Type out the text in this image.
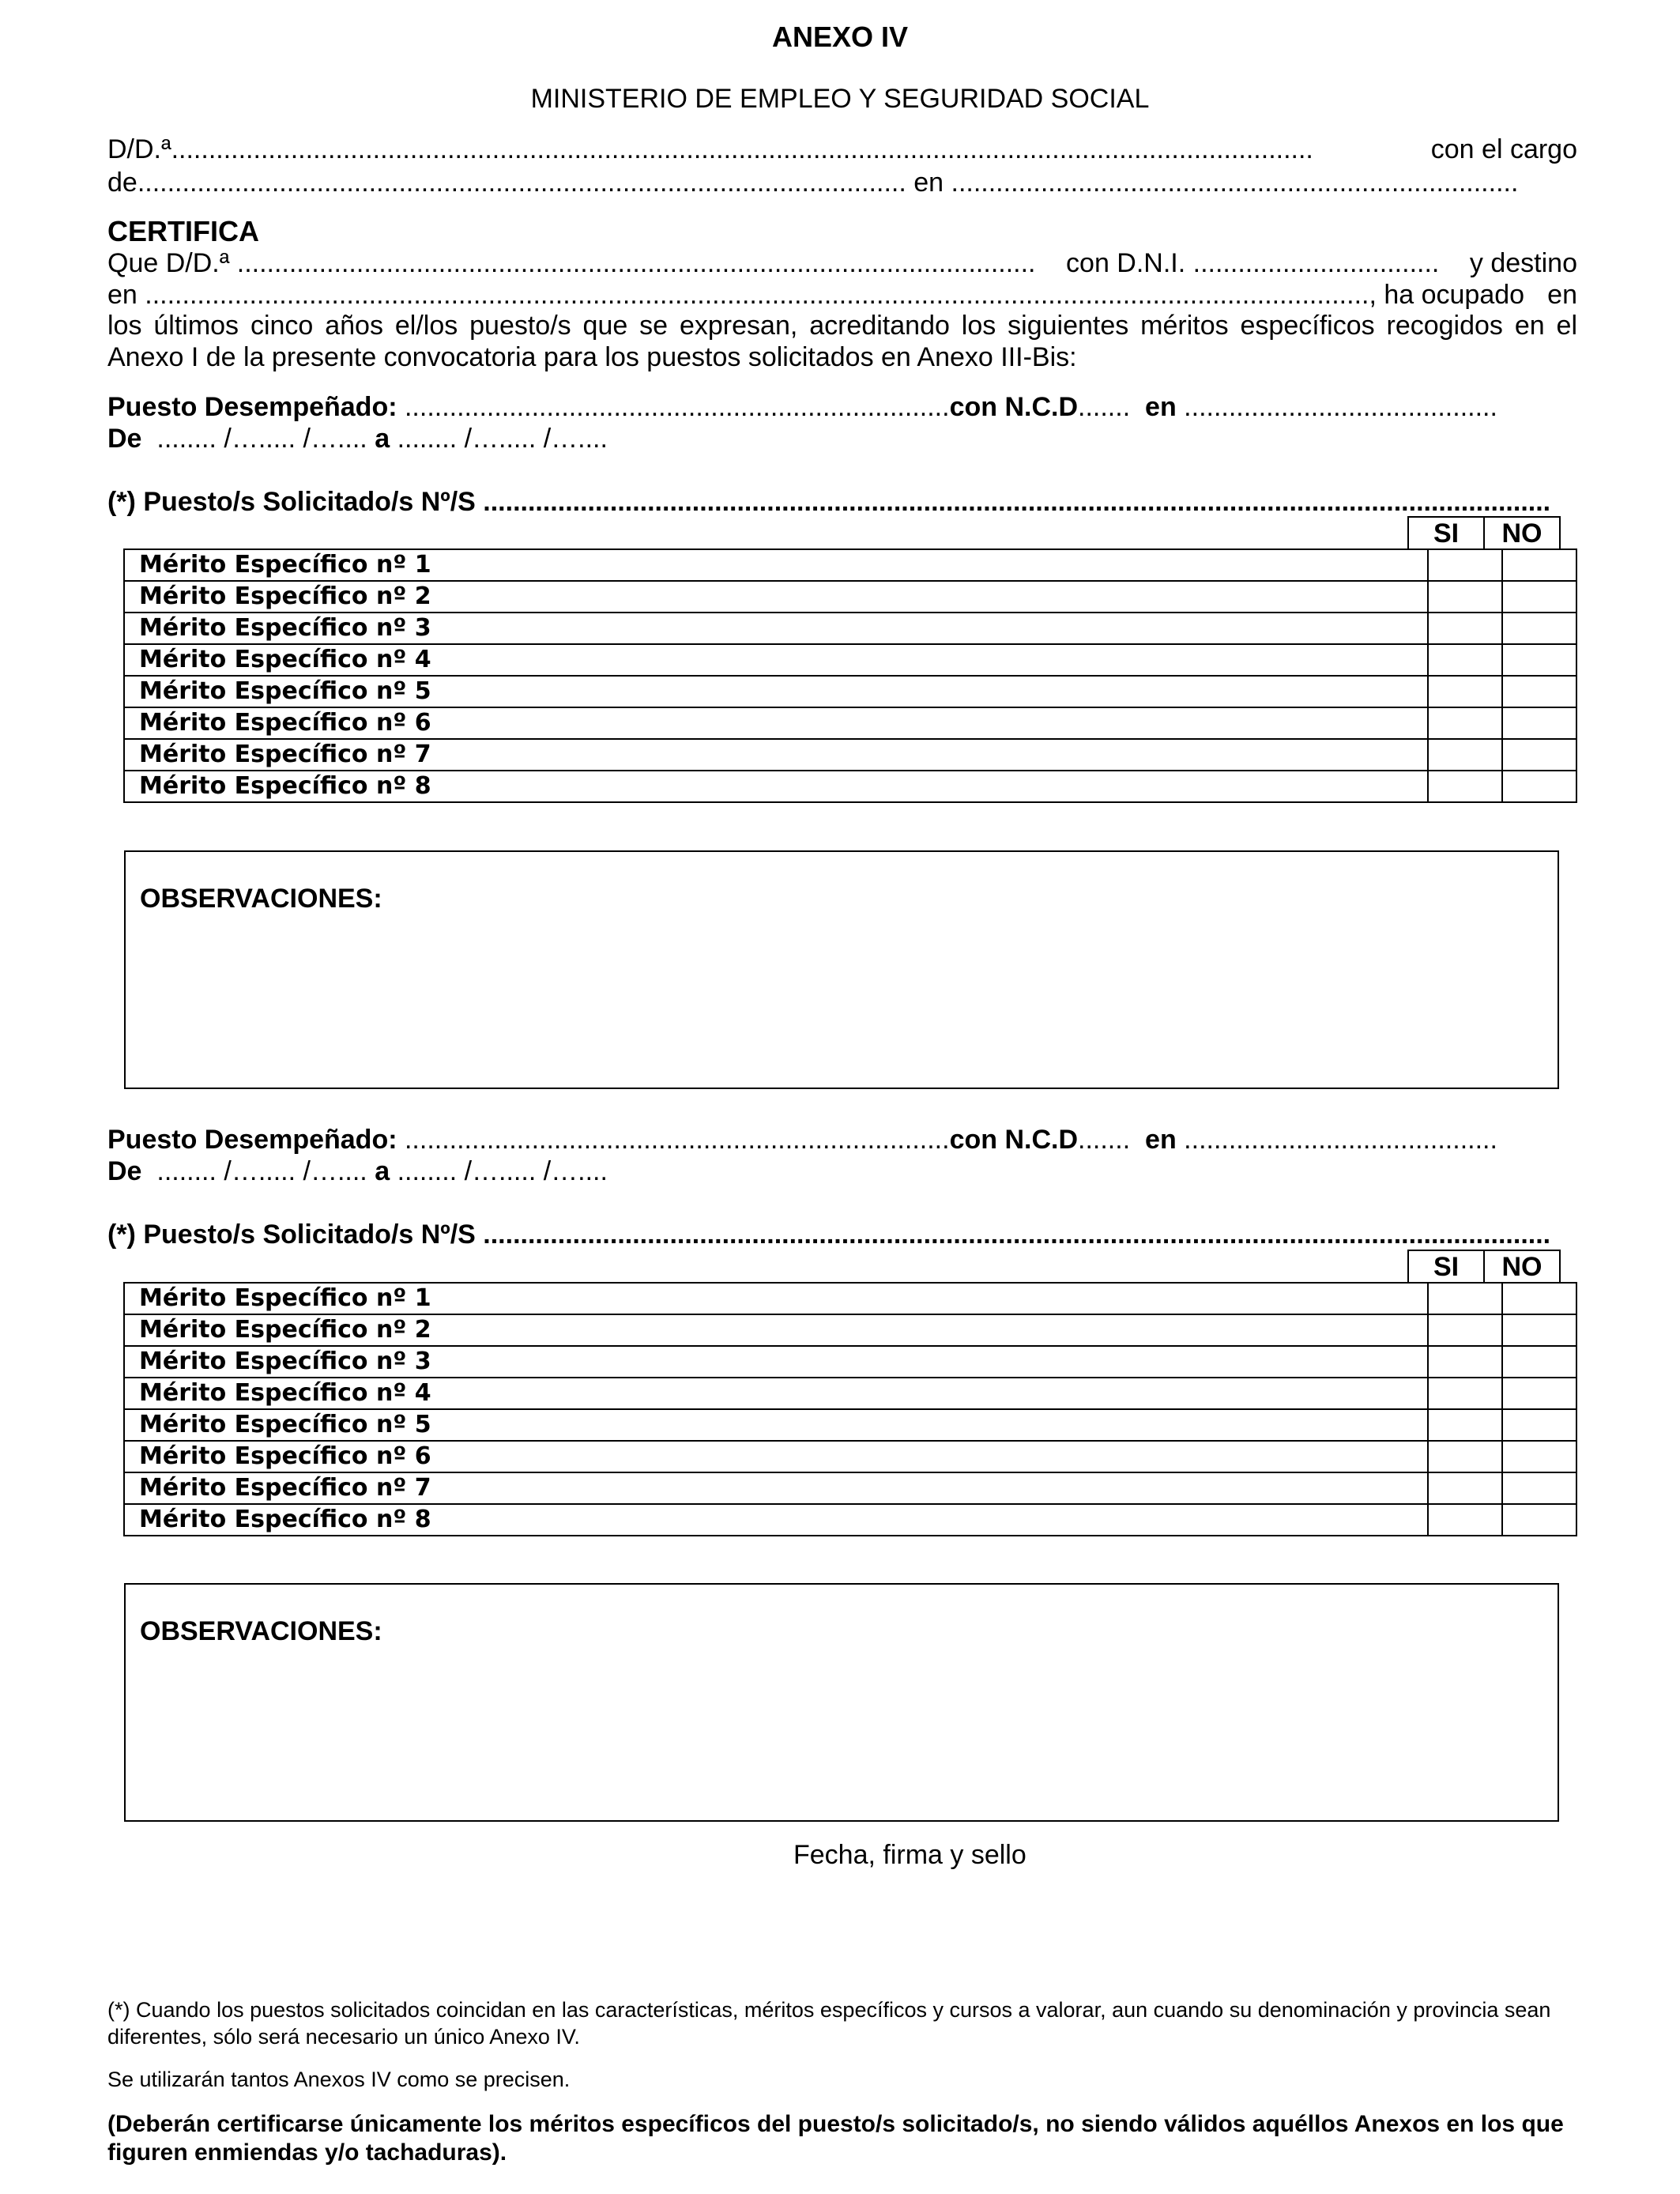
ANEXO IV
MINISTERIO DE EMPLEO Y SEGURIDAD SOCIAL
D/D.ª.........................................................................................................................................................	con el cargo
de....................................................................................................... en ............................................................................
CERTIFICA
Que D/D.ª ........................................................................................................... con D.N.I. ................................. y destino
en ...................................................................................................................................................................., ha ocupado en
los últimos cinco años el/los puesto/s que se expresan, acreditando los siguientes méritos específicos recogidos en el Anexo I de la presente convocatoria para los puestos solicitados en Anexo III-Bis:
Puesto Desempeñado: .........................................................................con N.C.D....... en ..........................................
De  ........ /…..... /….... a ........ /…..... /…....
(*) Puesto/s Solicitado/s Nº/S ...............................................................................................................................................
SI	NO
Mérito Específico nº 1		
Mérito Específico nº 2		
Mérito Específico nº 3		
Mérito Específico nº 4		
Mérito Específico nº 5		
Mérito Específico nº 6		
Mérito Específico nº 7		
Mérito Específico nº 8		
OBSERVACIONES:
Puesto Desempeñado: .........................................................................con N.C.D....... en ..........................................
De  ........ /…..... /….... a ........ /…..... /…....
(*) Puesto/s Solicitado/s Nº/S ...............................................................................................................................................
SI	NO
Mérito Específico nº 1		
Mérito Específico nº 2		
Mérito Específico nº 3		
Mérito Específico nº 4		
Mérito Específico nº 5		
Mérito Específico nº 6		
Mérito Específico nº 7		
Mérito Específico nº 8		
OBSERVACIONES:
Fecha, firma y sello
(*) Cuando los puestos solicitados coincidan en las características, méritos específicos y cursos a valorar, aun cuando su denominación y provincia sean diferentes, sólo será necesario un único Anexo IV.
Se utilizarán tantos Anexos IV como se precisen.
(Deberán certificarse únicamente los méritos específicos del puesto/s solicitado/s, no siendo válidos aquéllos Anexos en los que figuren enmiendas y/o tachaduras).
